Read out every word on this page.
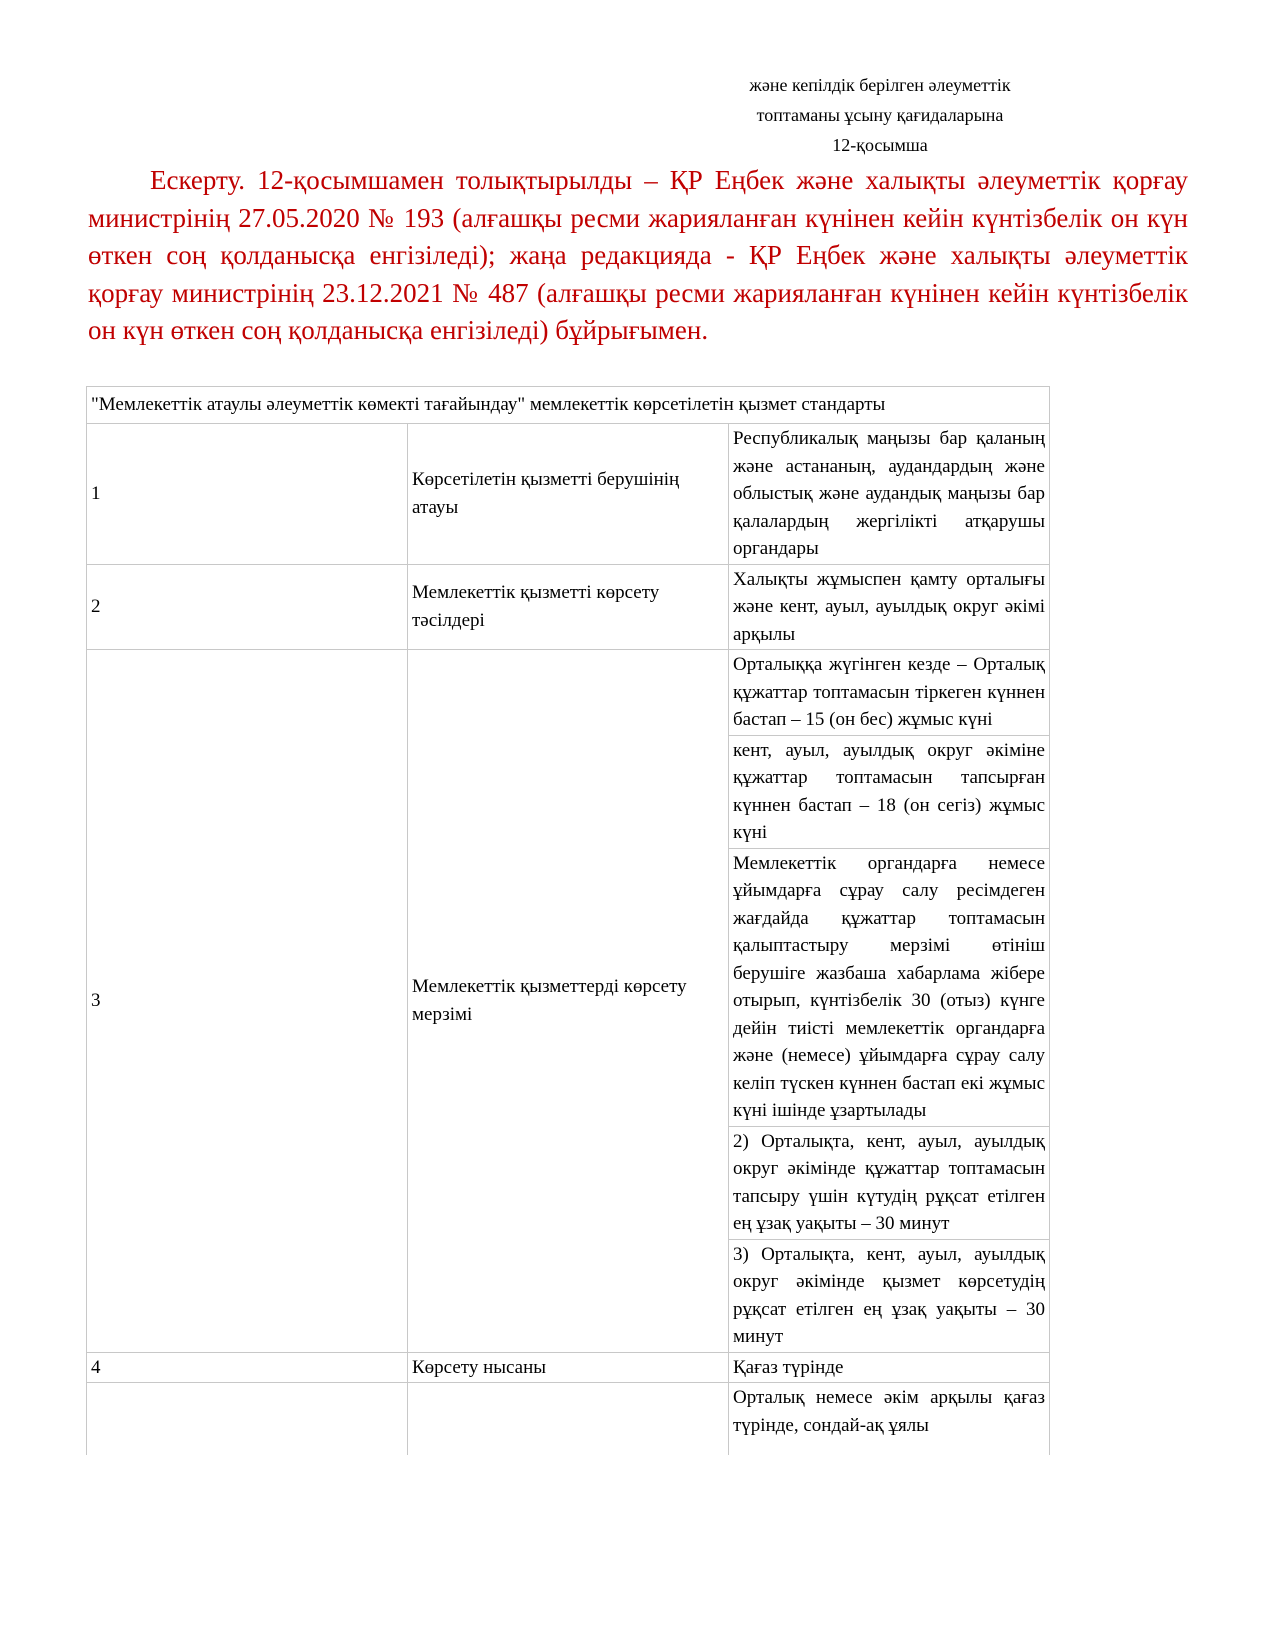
және кепілдік берілген әлеуметтік
топтаманы ұсыну қағидаларына
12-қосымша

Ескерту. 12-қосымшамен толықтырылды – ҚР Еңбек және халықты әлеуметтік қорғау министрінің 27.05.2020 № 193 (алғашқы ресми жарияланған күнінен кейін күнтізбелік он күн өткен соң қолданысқа енгізіледі); жаңа редакцияда - ҚР Еңбек және халықты әлеуметтік қорғау министрінің 23.12.2021 № 487 (алғашқы ресми жарияланған күнінен кейін күнтізбелік он күн өткен соң қолданысқа енгізіледі) бұйрығымен.

"Мемлекеттік атаулы әлеуметтік көмекті тағайындау" мемлекеттік көрсетілетін қызмет стандарты		
1	Көрсетілетін қызметті берушінің атауы	Республикалық маңызы бар қаланың және астананың, аудандардың және облыстық және аудандық маңызы бар қалалардың жергілікті атқарушы органдары
2	Мемлекеттік қызметті көрсету тәсілдері	Халықты жұмыспен қамту орталығы және кент, ауыл, ауылдық округ әкімі арқылы
3	Мемлекеттік қызметтерді көрсету мерзімі	Орталыққа жүгінген кезде – Орталық құжаттар топтамасын тіркеген күннен бастап – 15 (он бес) жұмыс күні
		кент, ауыл, ауылдық округ әкіміне құжаттар топтамасын тапсырған күннен бастап – 18 (он сегіз) жұмыс күні
		Мемлекеттік органдарға немесе ұйымдарға сұрау салу ресімдеген жағдайда құжаттар топтамасын қалыптастыру мерзімі өтініш берушіге жазбаша хабарлама жібере отырып, күнтізбелік 30 (отыз) күнге дейін тиісті мемлекеттік органдарға және (немесе) ұйымдарға сұрау салу келіп түскен күннен бастап екі жұмыс күні ішінде ұзартылады
		2) Орталықта, кент, ауыл, ауылдық округ әкімінде құжаттар топтамасын тапсыру үшін күтудің рұқсат етілген ең ұзақ уақыты – 30 минут
		3) Орталықта, кент, ауыл, ауылдық округ әкімінде қызмет көрсетудің рұқсат етілген ең ұзақ уақыты – 30 минут
4	Көрсету нысаны	Қағаз түрінде
		Орталық немесе әкім арқылы қағаз түрінде, сондай-ақ ұялы
